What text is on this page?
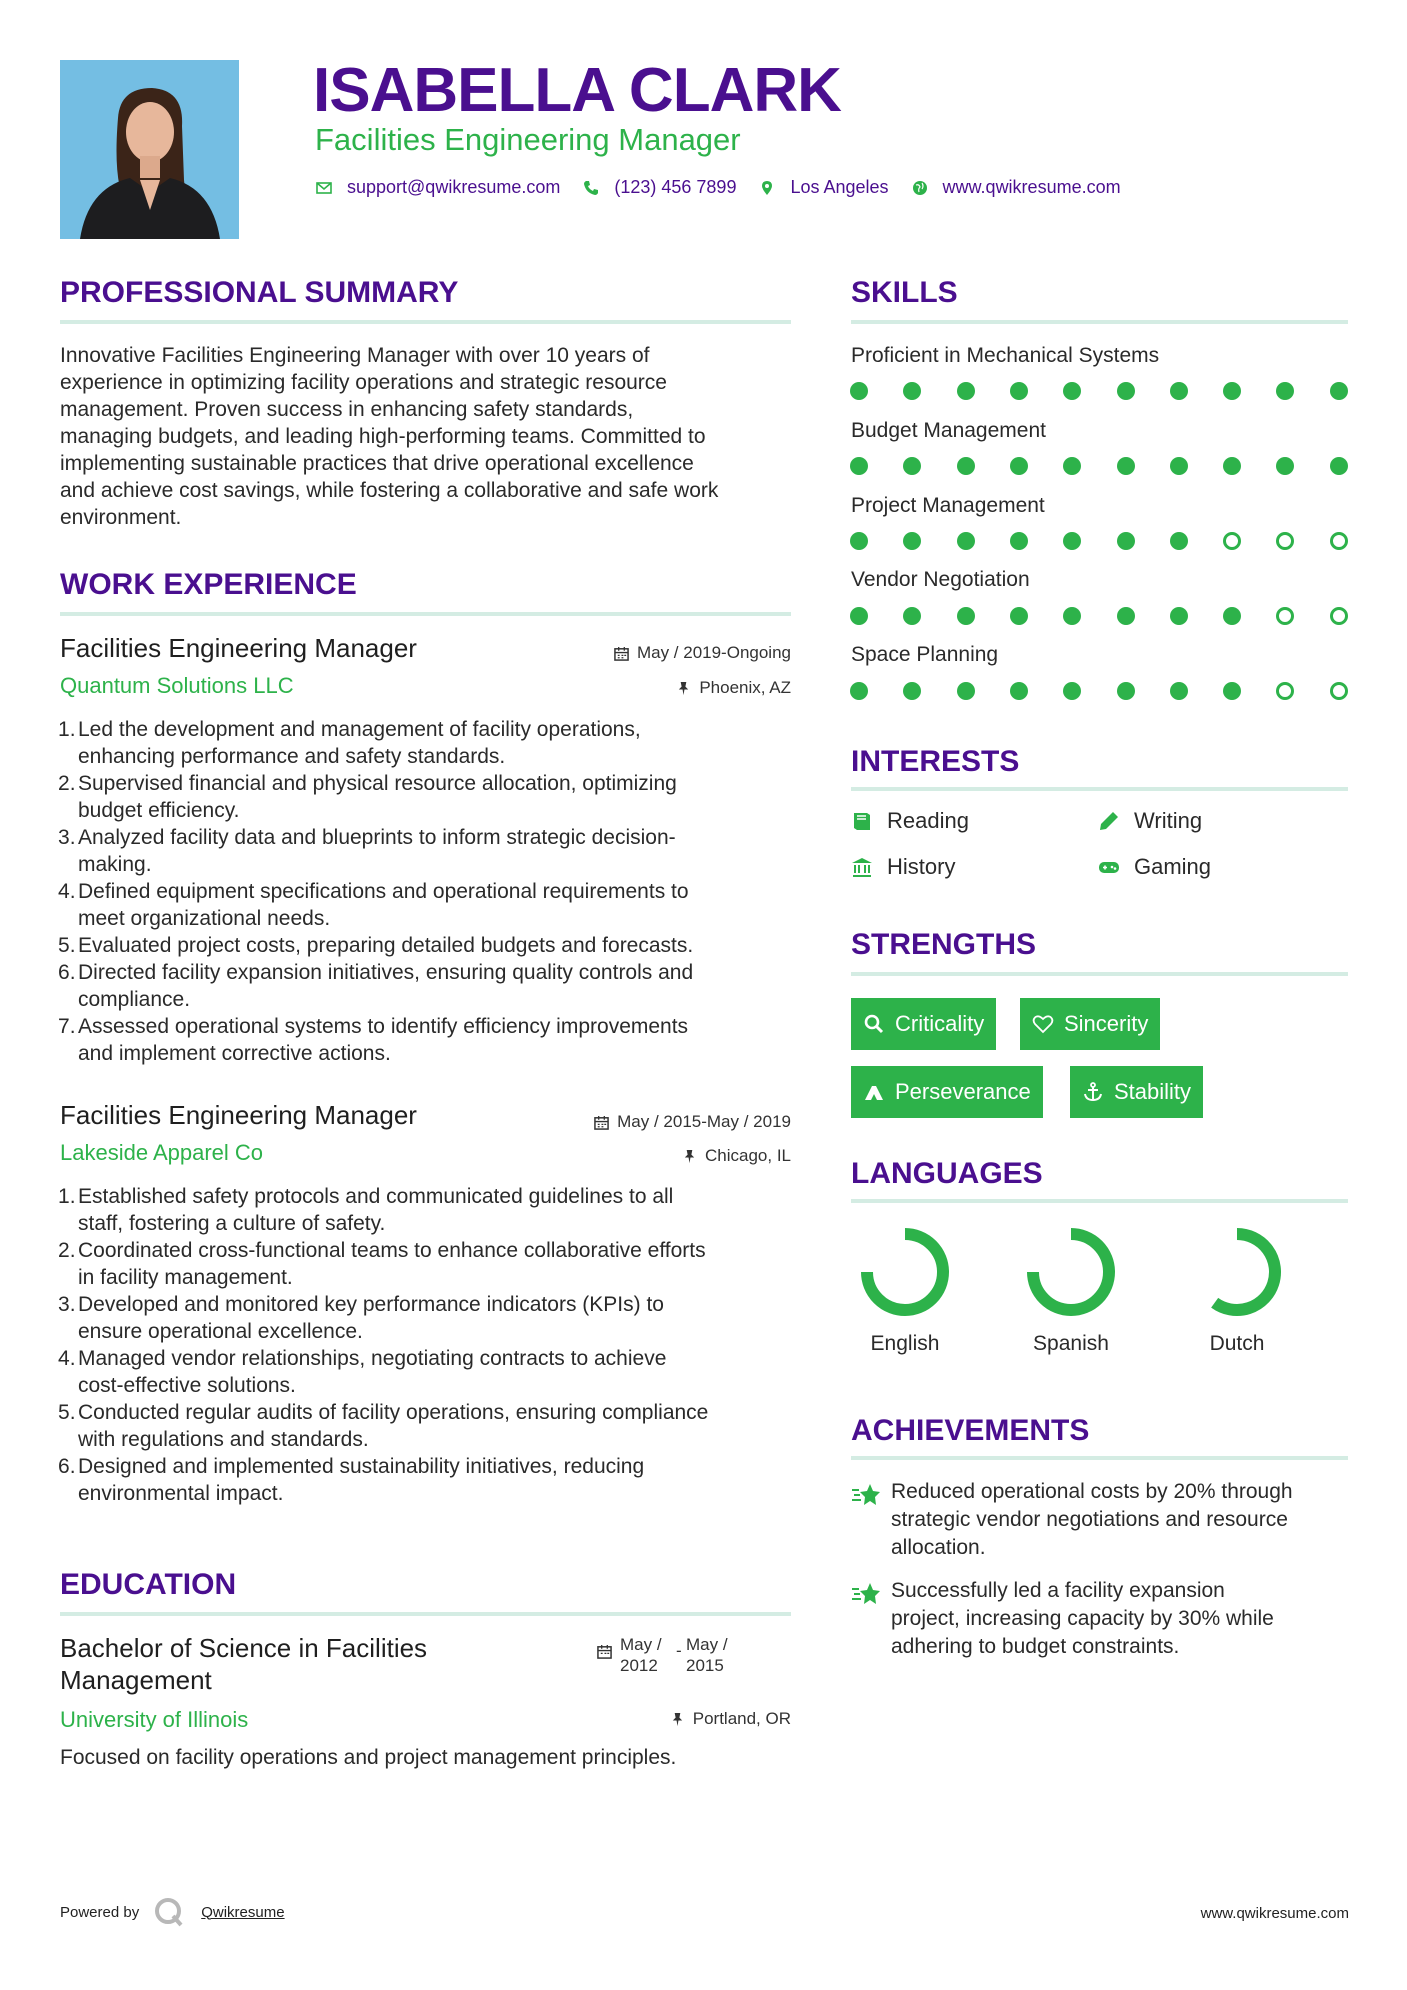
ISABELLA CLARK
Facilities Engineering Manager
support@qwikresume.com	(123) 456 7899	Los Angeles	www.qwikresume.com
PROFESSIONAL SUMMARY
Innovative Facilities Engineering Manager with over 10 years of
experience in optimizing facility operations and strategic resource
management. Proven success in enhancing safety standards,
managing budgets, and leading high-performing teams. Committed to
implementing sustainable practices that drive operational excellence
and achieve cost savings, while fostering a collaborative and safe work
environment.
WORK EXPERIENCE
Facilities Engineering Manager	May / 2019-Ongoing
Quantum Solutions LLC	Phoenix, AZ
Led the development and management of facility operations,
enhancing performance and safety standards.
Supervised financial and physical resource allocation, optimizing
budget efficiency.
Analyzed facility data and blueprints to inform strategic decision-
making.
Defined equipment specifications and operational requirements to
meet organizational needs.
Evaluated project costs, preparing detailed budgets and forecasts.
Directed facility expansion initiatives, ensuring quality controls and
compliance.
Assessed operational systems to identify efficiency improvements
and implement corrective actions.
Facilities Engineering Manager	May / 2015-May / 2019
Lakeside Apparel Co	Chicago, IL
Established safety protocols and communicated guidelines to all
staff, fostering a culture of safety.
Coordinated cross-functional teams to enhance collaborative efforts
in facility management.
Developed and monitored key performance indicators (KPIs) to
ensure operational excellence.
Managed vendor relationships, negotiating contracts to achieve
cost-effective solutions.
Conducted regular audits of facility operations, ensuring compliance
with regulations and standards.
Designed and implemented sustainability initiatives, reducing
environmental impact.
EDUCATION
Bachelor of Science in Facilities
Management
May /
2012
- May /
2015
University of Illinois	Portland, OR
Focused on facility operations and project management principles.
SKILLS
Proficient in Mechanical Systems
Budget Management
Project Management
Vendor Negotiation
Space Planning
INTERESTS
Reading	Writing
History	Gaming
STRENGTHS
Criticality	Sincerity
Perseverance	Stability
LANGUAGES
English	Spanish	Dutch
ACHIEVEMENTS
Reduced operational costs by 20% through
strategic vendor negotiations and resource
allocation.
Successfully led a facility expansion
project, increasing capacity by 30% while
adhering to budget constraints.
Powered by	Qwikresume	www.qwikresume.com
